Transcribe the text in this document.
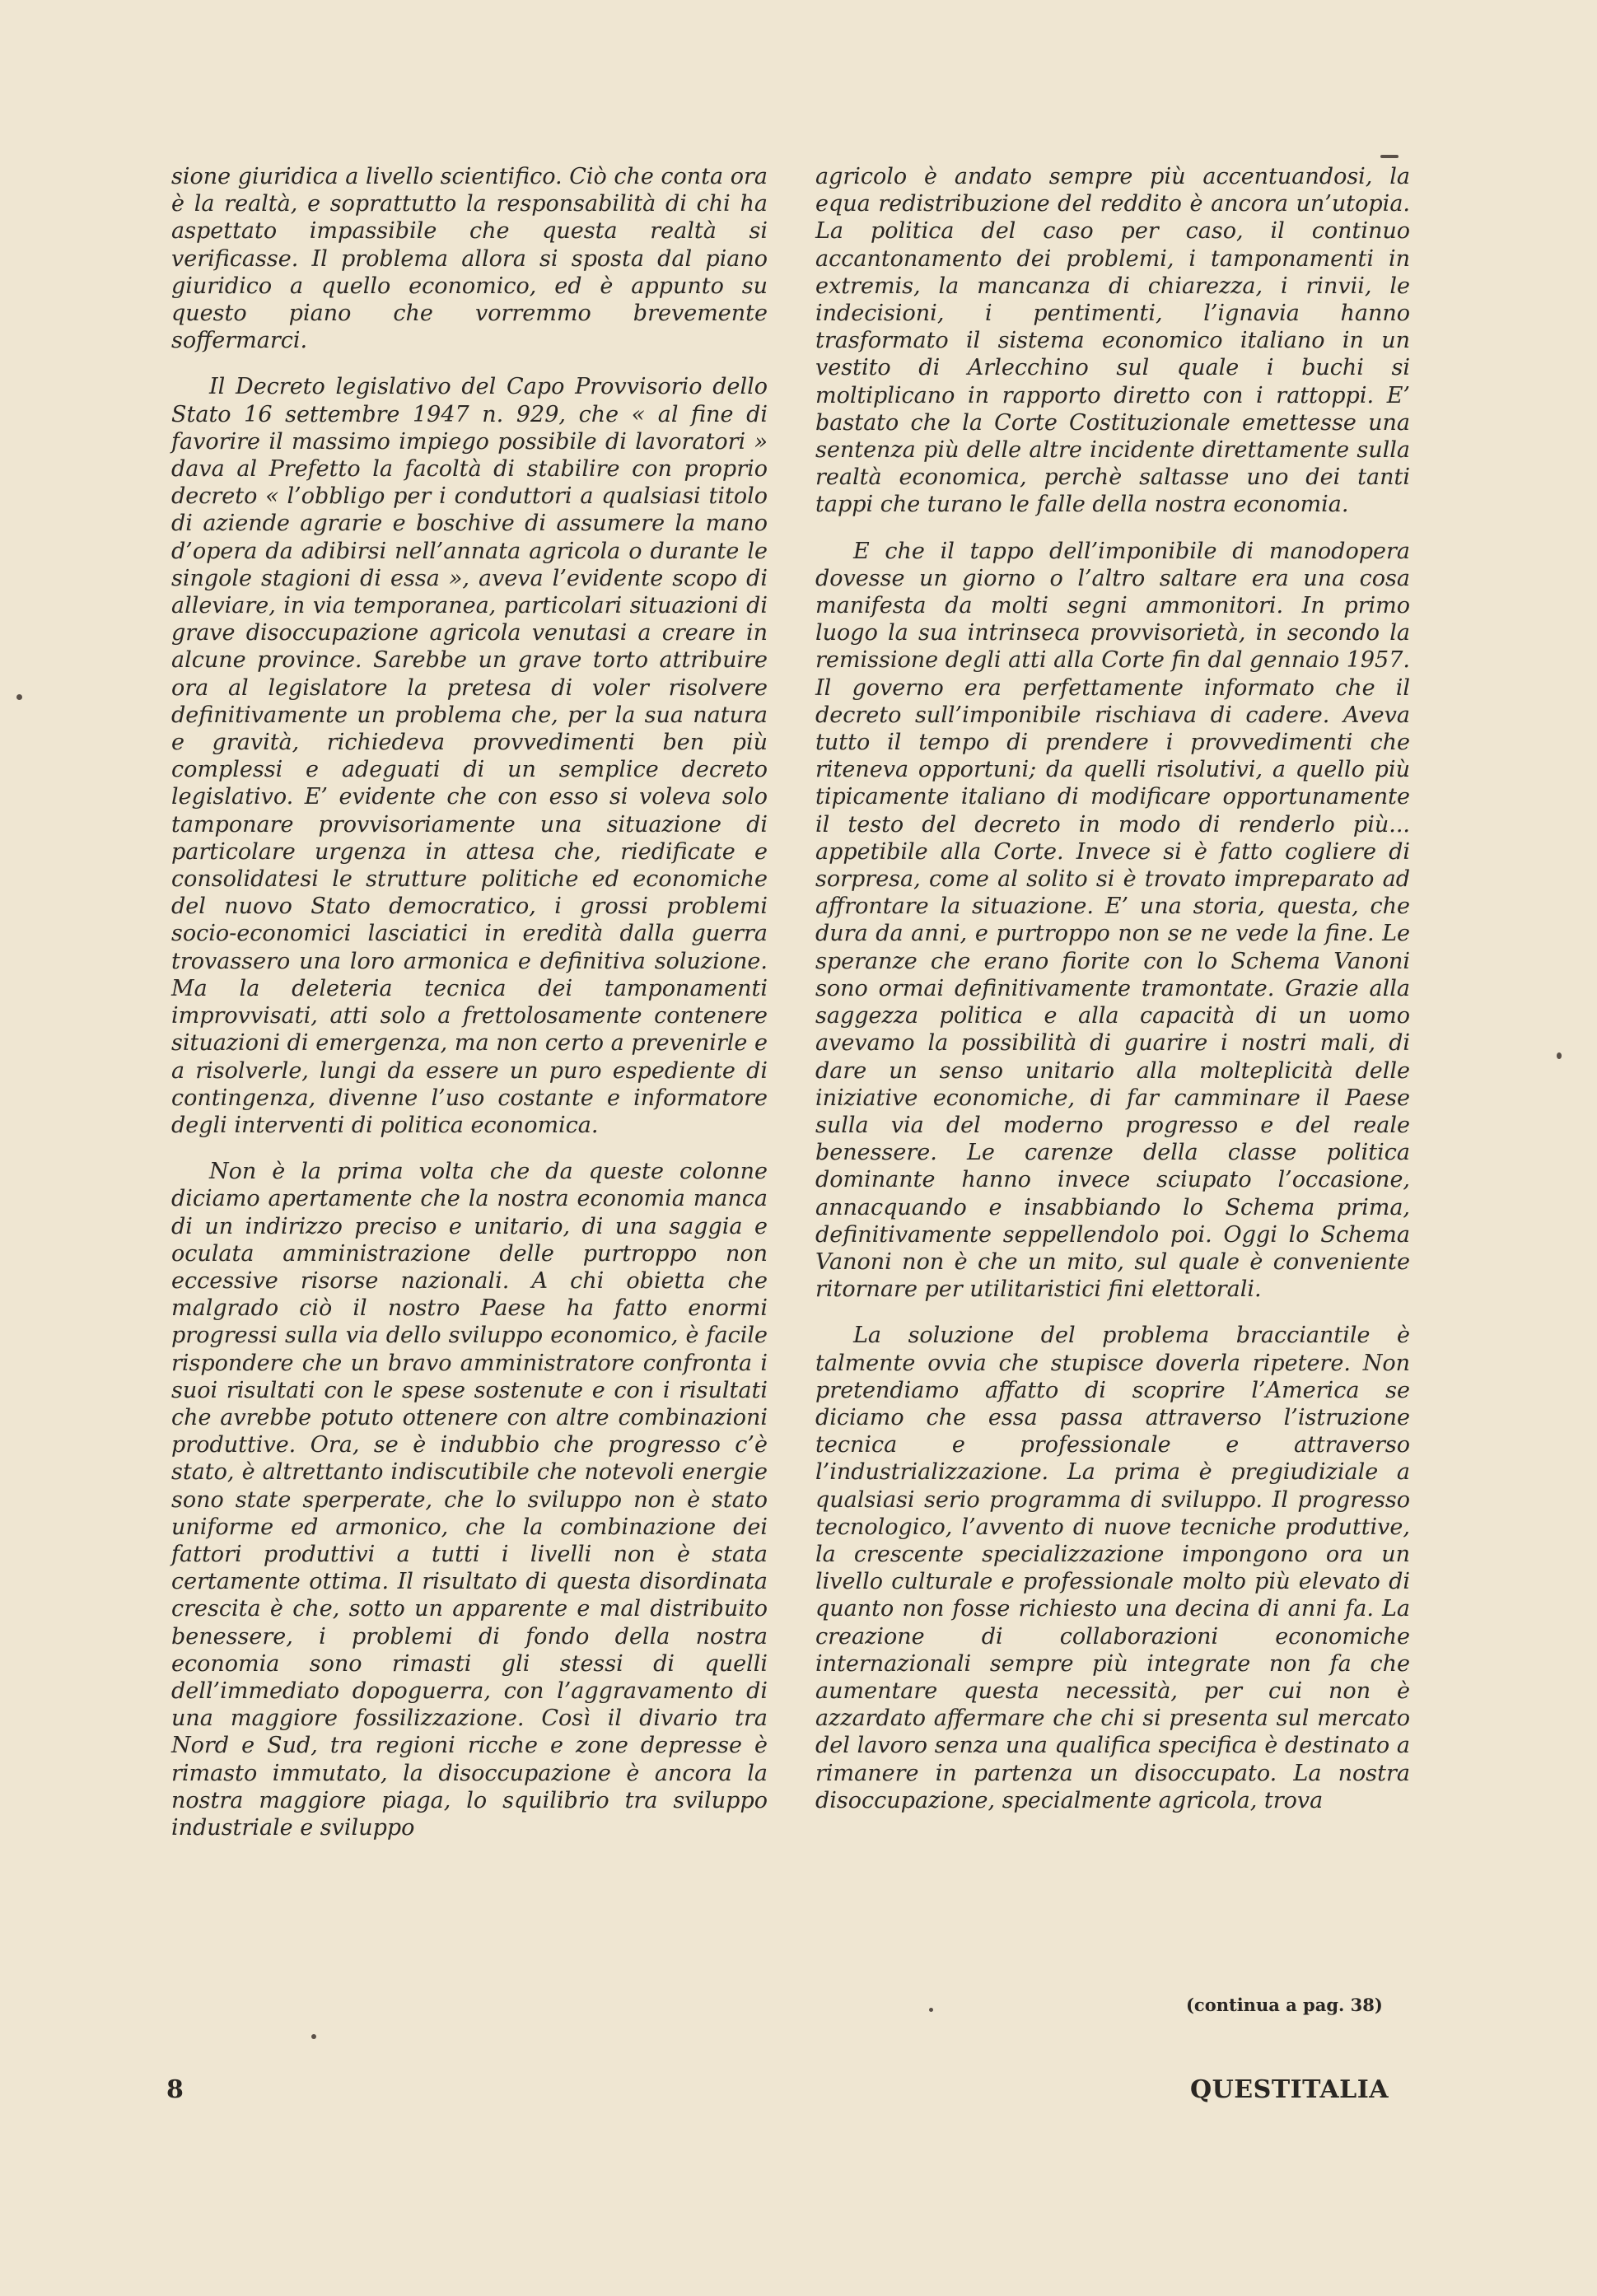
sione giuridica a livello scientifico. Ciò che conta ora è la realtà, e soprattutto la responsabilità di chi ha aspettato impassibile che questa realtà si verificasse. Il problema allora si sposta dal piano giuridico a quello economico, ed è appunto su questo piano che vorremmo brevemente soffermarci.

Il Decreto legislativo del Capo Provvisorio dello Stato 16 settembre 1947 n. 929, che « al fine di favorire il massimo impiego possibile di lavoratori » dava al Prefetto la facoltà di stabilire con proprio decreto « l’obbligo per i conduttori a qualsiasi titolo di aziende agrarie e boschive di assumere la mano d’opera da adibirsi nell’annata agricola o durante le singole stagioni di essa », aveva l’evidente scopo di alleviare, in via temporanea, particolari situazioni di grave disoccupazione agricola venutasi a creare in alcune province. Sarebbe un grave torto attribuire ora al legislatore la pretesa di voler risolvere definitivamente un problema che, per la sua natura e gravità, richiedeva provvedimenti ben più complessi e adeguati di un semplice decreto legislativo. E’ evidente che con esso si voleva solo tamponare provvisoriamente una situazione di particolare urgenza in attesa che, riedificate e consolidatesi le strutture politiche ed economiche del nuovo Stato democratico, i grossi problemi socio-economici lasciatici in eredità dalla guerra trovassero una loro armonica e definitiva soluzione. Ma la deleteria tecnica dei tamponamenti improvvisati, atti solo a frettolosamente contenere situazioni di emergenza, ma non certo a prevenirle e a risolverle, lungi da essere un puro espediente di contingenza, divenne l’uso costante e informatore degli interventi di politica economica.

Non è la prima volta che da queste colonne diciamo apertamente che la nostra economia manca di un indirizzo preciso e unitario, di una saggia e oculata amministrazione delle purtroppo non eccessive risorse nazionali. A chi obietta che malgrado ciò il nostro Paese ha fatto enormi progressi sulla via dello sviluppo economico, è facile rispondere che un bravo amministratore confronta i suoi risultati con le spese sostenute e con i risultati che avrebbe potuto ottenere con altre combinazioni produttive. Ora, se è indubbio che progresso c’è stato, è altrettanto indiscutibile che notevoli energie sono state sperperate, che lo sviluppo non è stato uniforme ed armonico, che la combinazione dei fattori produttivi a tutti i livelli non è stata certamente ottima. Il risultato di questa disordinata crescita è che, sotto un apparente e mal distribuito benessere, i problemi di fondo della nostra economia sono rimasti gli stessi di quelli dell’immediato dopoguerra, con l’aggravamento di una maggiore fossilizzazione. Così il divario tra Nord e Sud, tra regioni ricche e zone depresse è rimasto immutato, la disoccupazione è ancora la nostra maggiore piaga, lo squilibrio tra sviluppo industriale e sviluppo

agricolo è andato sempre più accentuandosi, la equa redistribuzione del reddito è ancora un’utopia. La politica del caso per caso, il continuo accantonamento dei problemi, i tamponamenti in extremis, la mancanza di chiarezza, i rinvii, le indecisioni, i pentimenti, l’ignavia hanno trasformato il sistema economico italiano in un vestito di Arlecchino sul quale i buchi si moltiplicano in rapporto diretto con i rattoppi. E’ bastato che la Corte Costituzionale emettesse una sentenza più delle altre incidente direttamente sulla realtà economica, perchè saltasse uno dei tanti tappi che turano le falle della nostra economia.

E che il tappo dell’imponibile di manodopera dovesse un giorno o l’altro saltare era una cosa manifesta da molti segni ammonitori. In primo luogo la sua intrinseca provvisorietà, in secondo la remissione degli atti alla Corte fin dal gennaio 1957. Il governo era perfettamente informato che il decreto sull’imponibile rischiava di cadere. Aveva tutto il tempo di prendere i provvedimenti che riteneva opportuni; da quelli risolutivi, a quello più tipicamente italiano di modificare opportunamente il testo del decreto in modo di renderlo più... appetibile alla Corte. Invece si è fatto cogliere di sorpresa, come al solito si è trovato impreparato ad affrontare la situazione. E’ una storia, questa, che dura da anni, e purtroppo non se ne vede la fine. Le speranze che erano fiorite con lo Schema Vanoni sono ormai definitivamente tramontate. Grazie alla saggezza politica e alla capacità di un uomo avevamo la possibilità di guarire i nostri mali, di dare un senso unitario alla molteplicità delle iniziative economiche, di far camminare il Paese sulla via del moderno progresso e del reale benessere. Le carenze della classe politica dominante hanno invece sciupato l’occasione, annacquando e insabbiando lo Schema prima, definitivamente seppellendolo poi. Oggi lo Schema Vanoni non è che un mito, sul quale è conveniente ritornare per utilitaristici fini elettorali.

La soluzione del problema bracciantile è talmente ovvia che stupisce doverla ripetere. Non pretendiamo affatto di scoprire l’America se diciamo che essa passa attraverso l’istruzione tecnica e professionale e attraverso l’industrializzazione. La prima è pregiudiziale a qualsiasi serio programma di sviluppo. Il progresso tecnologico, l’avvento di nuove tecniche produttive, la crescente specializzazione impongono ora un livello culturale e professionale molto più elevato di quanto non fosse richiesto una decina di anni fa. La creazione di collaborazioni economiche internazionali sempre più integrate non fa che aumentare questa necessità, per cui non è azzardato affermare che chi si presenta sul mercato del lavoro senza una qualifica specifica è destinato a rimanere in partenza un disoccupato. La nostra disoccupazione, specialmente agricola, trova

(continua a pag. 38)
8	QUESTITALIA
